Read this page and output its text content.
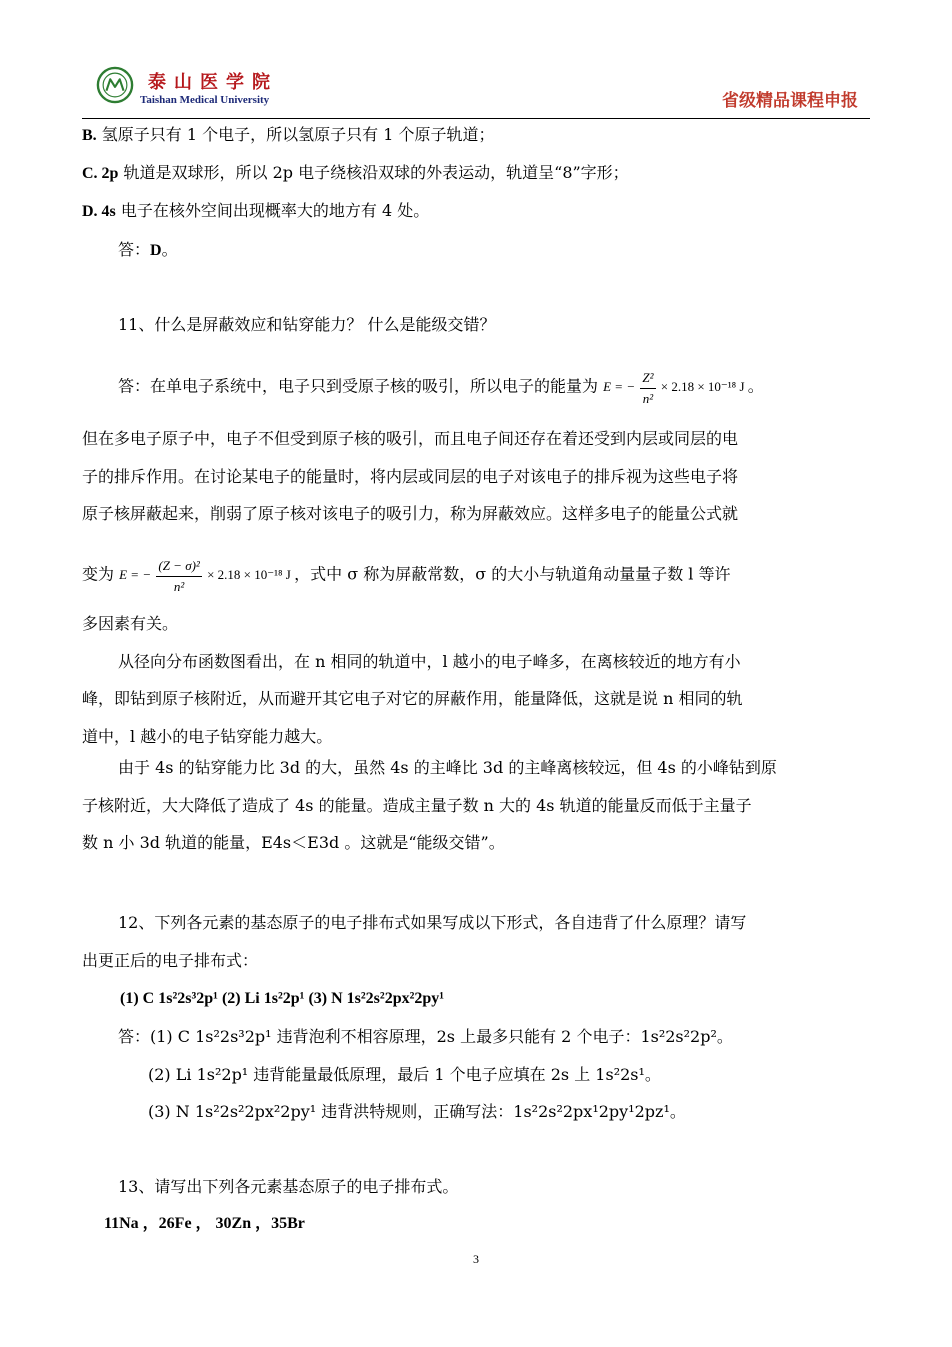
泰山医学院
Taishan Medical University	省级精品课程申报
B. 氢原子只有 1 个电子，所以氢原子只有 1 个原子轨道；
C. 2p 轨道是双球形，所以 2p 电子绕核沿双球的外表运动，轨道呈“8”字形；
D. 4s 电子在核外空间出现概率大的地方有 4 处。
答：D。
11、什么是屏蔽效应和钻穿能力？ 什么是能级交错？
答：在单电子系统中，电子只到受原子核的吸引，所以电子的能量为 E = − $\frac{\text{Z²}}{\text{n²}} \times 2.18 \times 10^{-18}$ J 。
但在多电子原子中，电子不但受到原子核的吸引，而且电子间还存在着还受到内层或同层的电
子的排斥作用。在讨论某电子的能量时，将内层或同层的电子对该电子的排斥视为这些电子将
原子核屏蔽起来，削弱了原子核对该电子的吸引力，称为屏蔽效应。这样多电子的能量公式就
变为 E = − $\frac{\text{(Z − σ)²}}{\text{n²}} \times 2.18 \times 10^{-18}$ J ，式中 σ 称为屏蔽常数，σ 的大小与轨道角动量量子数 l 等许
多因素有关。
从径向分布函数图看出，在 n 相同的轨道中，l 越小的电子峰多，在离核较近的地方有小
峰，即钻到原子核附近，从而避开其它电子对它的屏蔽作用，能量降低，这就是说 n 相同的轨
道中，l 越小的电子钻穿能力越大。
由于 4s 的钻穿能力比 3d 的大，虽然 4s 的主峰比 3d 的主峰离核较远，但 4s 的小峰钻到原
子核附近，大大降低了造成了 4s 的能量。造成主量子数 n 大的 4s 轨道的能量反而低于主量子
数 n 小 3d 轨道的能量，E4s＜E3d 。这就是“能级交错”。
12、下列各元素的基态原子的电子排布式如果写成以下形式，各自违背了什么原理？请写
出更正后的电子排布式：
(1) C 1s²2s³2p¹ (2) Li 1s²2p¹ (3) N 1s²2s²2px²2py¹
答：(1) C 1s²2s³2p¹ 违背泡利不相容原理，2s 上最多只能有 2 个电子：1s²2s²2p²。
(2) Li 1s²2p¹ 违背能量最低原理，最后 1 个电子应填在 2s 上 1s²2s¹。
(3) N 1s²2s²2px²2py¹ 违背洪特规则，正确写法：1s²2s²2px¹2py¹2pz¹。
13、请写出下列各元素基态原子的电子排布式。
11Na ，26Fe ， 30Zn ，35Br
3
